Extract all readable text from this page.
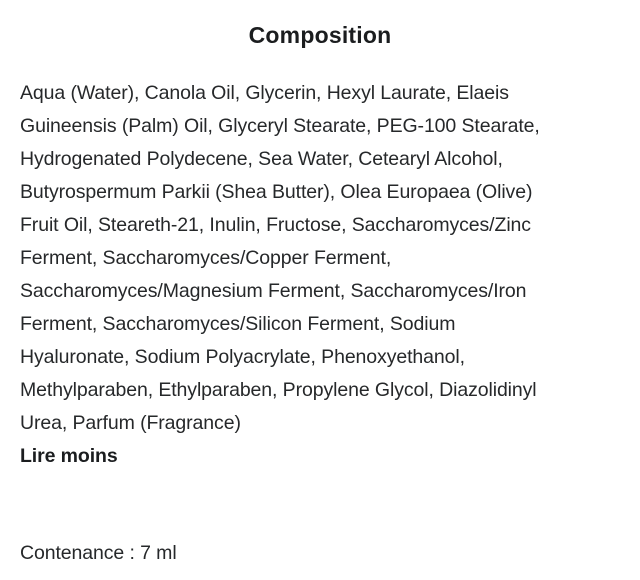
Composition
Aqua (Water), Canola Oil, Glycerin, Hexyl Laurate, Elaeis
Guineensis (Palm) Oil, Glyceryl Stearate, PEG-100 Stearate,
Hydrogenated Polydecene, Sea Water, Cetearyl Alcohol,
Butyrospermum Parkii (Shea Butter), Olea Europaea (Olive)
Fruit Oil, Steareth-21, Inulin, Fructose, Saccharomyces/Zinc
Ferment, Saccharomyces/Copper Ferment,
Saccharomyces/Magnesium Ferment, Saccharomyces/Iron
Ferment, Saccharomyces/Silicon Ferment, Sodium
Hyaluronate, Sodium Polyacrylate, Phenoxyethanol,
Methylparaben, Ethylparaben, Propylene Glycol, Diazolidinyl
Urea, Parfum (Fragrance)
Lire moins
Contenance : 7 ml
